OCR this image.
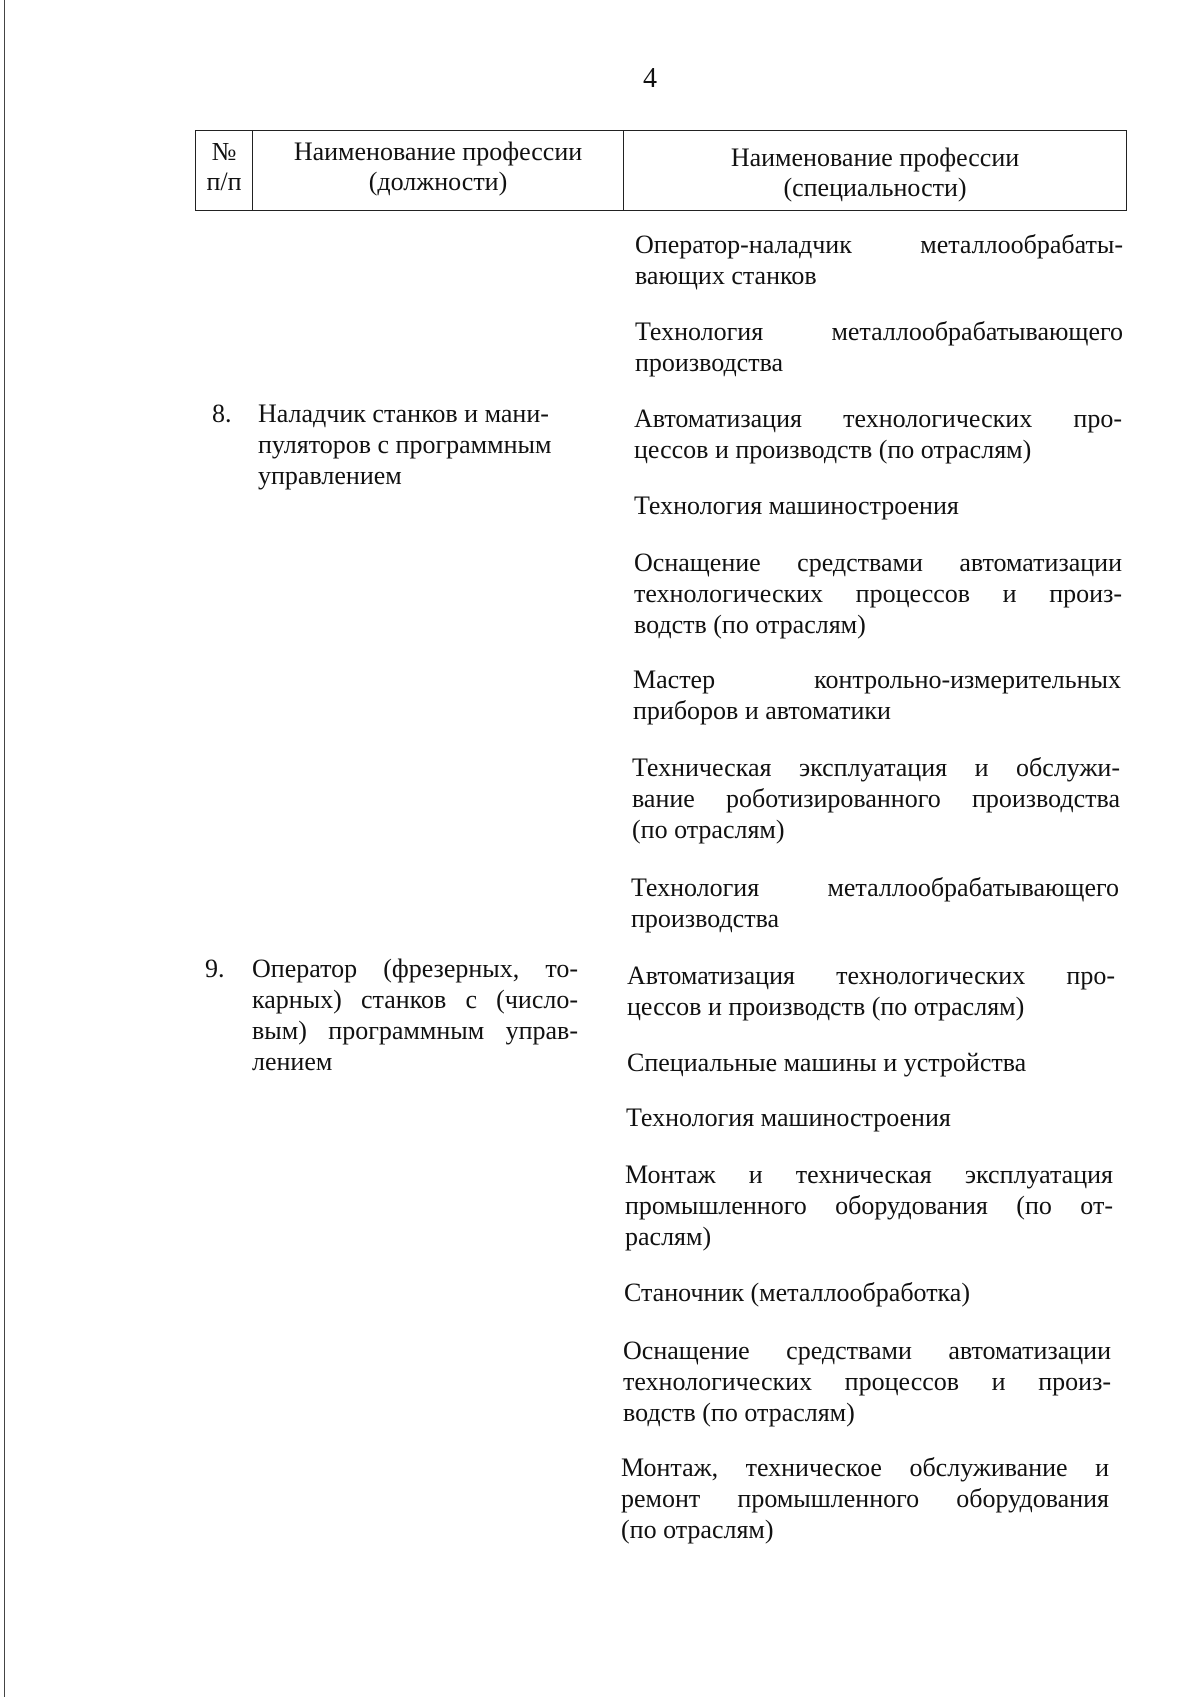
4
№
п/п
Наименование профессии
(должности)
Наименование профессии
(специальности)
Оператор-наладчик металлообрабаты-
вающих станков
Технология металлообрабатывающего
производства
8. Наладчик станков и мани-
пуляторов с программным
управлением
Автоматизация технологических про-
цессов и производств (по отраслям)
Технология машиностроения
Оснащение средствами автоматизации
технологических процессов и произ-
водств (по отраслям)
Мастер контрольно-измерительных
приборов и автоматики
Техническая эксплуатация и обслужи-
вание роботизированного производства
(по отраслям)
Технология металлообрабатывающего
производства
9. Оператор (фрезерных, то-
карных) станков с (число-
вым) программным управ-
лением
Автоматизация технологических про-
цессов и производств (по отраслям)
Специальные машины и устройства
Технология машиностроения
Монтаж и техническая эксплуатация
промышленного оборудования (по от-
раслям)
Станочник (металлообработка)
Оснащение средствами автоматизации
технологических процессов и произ-
водств (по отраслям)
Монтаж, техническое обслуживание и
ремонт промышленного оборудования
(по отраслям)
